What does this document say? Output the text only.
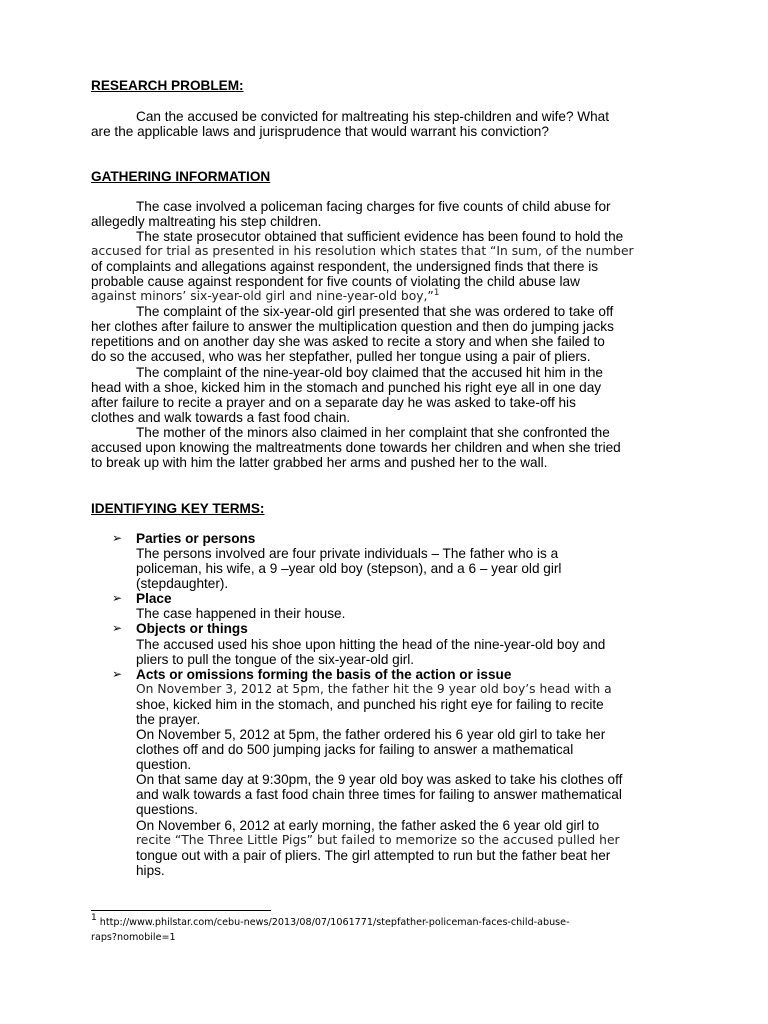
RESEARCH PROBLEM:
Can the accused be convicted for maltreating his step-children and wife? What
are the applicable laws and jurisprudence that would warrant his conviction?
GATHERING INFORMATION
The case involved a policeman facing charges for five counts of child abuse for
allegedly maltreating his step children.
The state prosecutor obtained that sufficient evidence has been found to hold the
accused for trial as presented in his resolution which states that “In sum, of the number
of complaints and allegations against respondent, the undersigned finds that there is
probable cause against respondent for five counts of violating the child abuse law
against minors’ six-year-old girl and nine-year-old boy,”$^1$
The complaint of the six-year-old girl presented that she was ordered to take off
her clothes after failure to answer the multiplication question and then do jumping jacks
repetitions and on another day she was asked to recite a story and when she failed to
do so the accused, who was her stepfather, pulled her tongue using a pair of pliers.
The complaint of the nine-year-old boy claimed that the accused hit him in the
head with a shoe, kicked him in the stomach and punched his right eye all in one day
after failure to recite a prayer and on a separate day he was asked to take-off his
clothes and walk towards a fast food chain.
The mother of the minors also claimed in her complaint that she confronted the
accused upon knowing the maltreatments done towards her children and when she tried
to break up with him the latter grabbed her arms and pushed her to the wall.
IDENTIFYING KEY TERMS:
➢ Parties or persons
The persons involved are four private individuals – The father who is a
policeman, his wife, a 9 –year old boy (stepson), and a 6 – year old girl
(stepdaughter).
➢ Place
The case happened in their house.
➢ Objects or things
The accused used his shoe upon hitting the head of the nine-year-old boy and
pliers to pull the tongue of the six-year-old girl.
➢ Acts or omissions forming the basis of the action or issue
On November 3, 2012 at 5pm, the father hit the 9 year old boy’s head with a
shoe, kicked him in the stomach, and punched his right eye for failing to recite
the prayer.
On November 5, 2012 at 5pm, the father ordered his 6 year old girl to take her
clothes off and do 500 jumping jacks for failing to answer a mathematical
question.
On that same day at 9:30pm, the 9 year old boy was asked to take his clothes off
and walk towards a fast food chain three times for failing to answer mathematical
questions.
On November 6, 2012 at early morning, the father asked the 6 year old girl to
recite “The Three Little Pigs” but failed to memorize so the accused pulled her
tongue out with a pair of pliers. The girl attempted to run but the father beat her
hips.
$^1$ http://www.philstar.com/cebu-news/2013/08/07/1061771/stepfather-policeman-faces-child-abuse-
raps?nomobile=1
